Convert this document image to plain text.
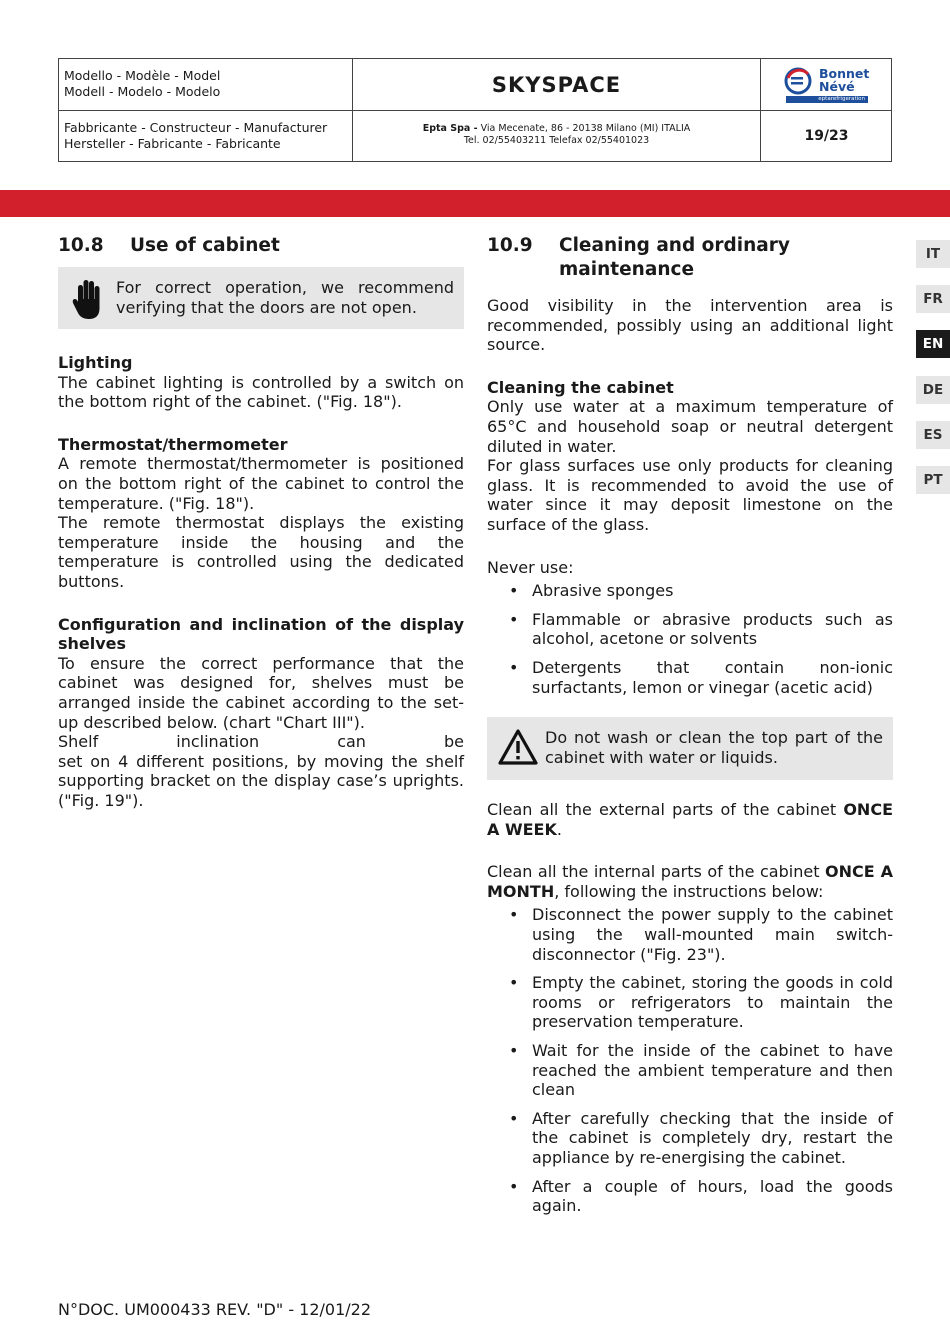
Modello - Modèle - Model
Modell - Modelo - Modelo	SKYSPACE	Bonnet
Névé
eptarefrigeration
Fabbricante - Constructeur - Manufacturer
Hersteller - Fabricante - Fabricante
Epta Spa - Via Mecenate, 86 - 20138 Milano (MI) ITALIA
Tel. 02/55403211 Telefax 02/55401023	19/23
IT
FR
EN
DE
ES
PT
10.8	Use of cabinet

For correct operation, we recommend verifying that the doors are not open.

Lighting

The cabinet lighting is controlled by a switch on the bottom right of the cabinet. ("Fig. 18").

Thermostat/thermometer

A remote thermostat/thermometer is positioned on the bottom right of the cabinet to control the temperature. ("Fig. 18").

The remote thermostat displays the existing temperature inside the housing and the temperature is controlled using the dedicated buttons.

Configuration and inclination of the display shelves

To ensure the correct performance that the cabinet was designed for, shelves must be arranged inside the cabinet according to the set-up described below. (chart "Chart III").

Shelf inclination can be

set on 4 different positions, by moving the shelf supporting bracket on the display case’s uprights. ("Fig. 19").

10.9	Cleaning and ordinary maintenance

Good visibility in the intervention area is recommended, possibly using an additional light source.

Cleaning the cabinet

Only use water at a maximum temperature of 65°C and household soap or neutral detergent diluted in water.

For glass surfaces use only products for cleaning glass. It is recommended to avoid the use of water since it may deposit limestone on the surface of the glass.

Never use:

• Abrasive sponges
• Flammable or abrasive products such as alcohol, acetone or solvents
• Detergents that contain non-ionic surfactants, lemon or vinegar (acetic acid)

Do not wash or clean the top part of the cabinet with water or liquids.

Clean all the external parts of the cabinet ONCE A WEEK.

Clean all the internal parts of the cabinet ONCE A MONTH, following the instructions below:

• Disconnect the power supply to the cabinet using the wall-mounted main switch-disconnector ("Fig. 23").
• Empty the cabinet, storing the goods in cold rooms or refrigerators to maintain the preservation temperature.
• Wait for the inside of the cabinet to have reached the ambient temperature and then clean
• After carefully checking that the inside of the cabinet is completely dry, restart the appliance by re-energising the cabinet.
• After a couple of hours, load the goods again.
N°DOC. UM000433 REV. "D" - 12/01/22
